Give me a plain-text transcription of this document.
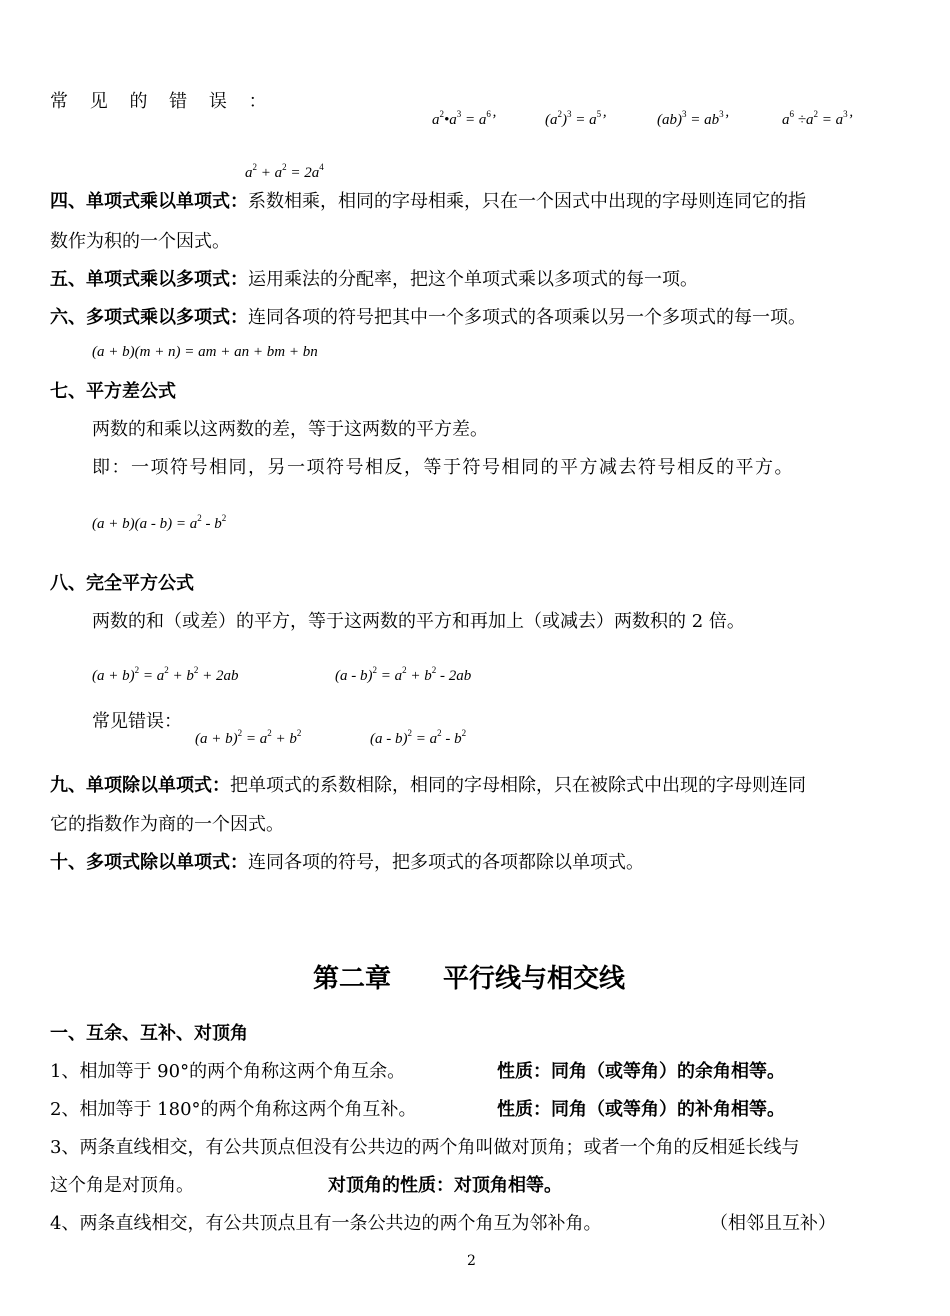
常 见 的 错 误 ：
$a^2•a^3 = a^6$’	$(a^2)^3 = a^5$’	$(ab)^3 = ab^3$’	$a^6 \div a^2 = a^3$’
$a^2 + a^2 = 2a^4$
四、单项式乘以单项式：系数相乘，相同的字母相乘，只在一个因式中出现的字母则连同它的指
数作为积的一个因式。
五、单项式乘以多项式：运用乘法的分配率，把这个单项式乘以多项式的每一项。
六、多项式乘以多项式：连同各项的符号把其中一个多项式的各项乘以另一个多项式的每一项。
(a + b)(m + n) = am + an + bm + bn
七、平方差公式
两数的和乘以这两数的差，等于这两数的平方差。
即：一项符号相同，另一项符号相反，等于符号相同的平方减去符号相反的平方。
$(a + b)(a - b) = a^2 - b^2$
八、完全平方公式
两数的和（或差）的平方，等于这两数的平方和再加上（或减去）两数积的 2 倍。
$(a + b)^2 = a^2 + b^2 + 2ab$	$(a - b)^2 = a^2 + b^2 - 2ab$
常见错误：
$(a + b)^2 = a^2 + b^2$	$(a - b)^2 = a^2 - b^2$
九、单项除以单项式：把单项式的系数相除，相同的字母相除，只在被除式中出现的字母则连同
它的指数作为商的一个因式。
十、多项式除以单项式：连同各项的符号，把多项式的各项都除以单项式。
第二章　　平行线与相交线
一、互余、互补、对顶角
1、相加等于 90°的两个角称这两个角互余。	性质：同角（或等角）的余角相等。
2、相加等于 180°的两个角称这两个角互补。	性质：同角（或等角）的补角相等。
3、两条直线相交，有公共顶点但没有公共边的两个角叫做对顶角；或者一个角的反相延长线与
这个角是对顶角。	对顶角的性质：对顶角相等。
4、两条直线相交，有公共顶点且有一条公共边的两个角互为邻补角。	（相邻且互补）
2
